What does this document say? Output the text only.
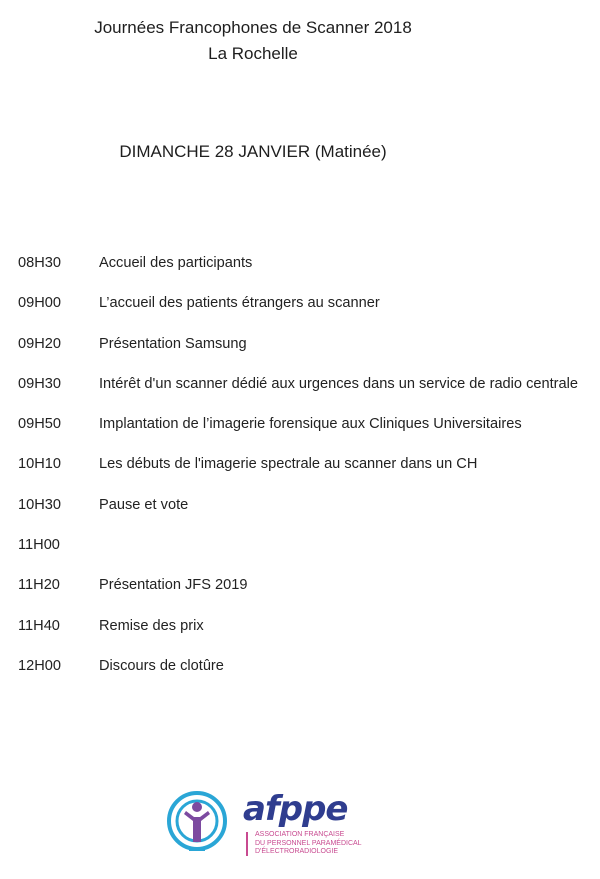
Journées Francophones de Scanner 2018
La Rochelle
DIMANCHE 28 JANVIER (Matinée)
08H30	Accueil des participants
09H00	L’accueil des patients étrangers au scanner
09H20	Présentation Samsung
09H30	Intérêt d'un scanner dédié aux urgences dans un service de radio centrale
09H50	Implantation de l’imagerie forensique aux Cliniques Universitaires
10H10	Les débuts de l'imagerie spectrale au scanner dans un CH
10H30	Pause et vote
11H00
11H20	Présentation JFS 2019
11H40	Remise des prix
12H00	Discours de clotûre
afppe
ASSOCIATION FRANÇAISE
DU PERSONNEL PARAMÉDICAL
D'ÉLECTRORADIOLOGIE
